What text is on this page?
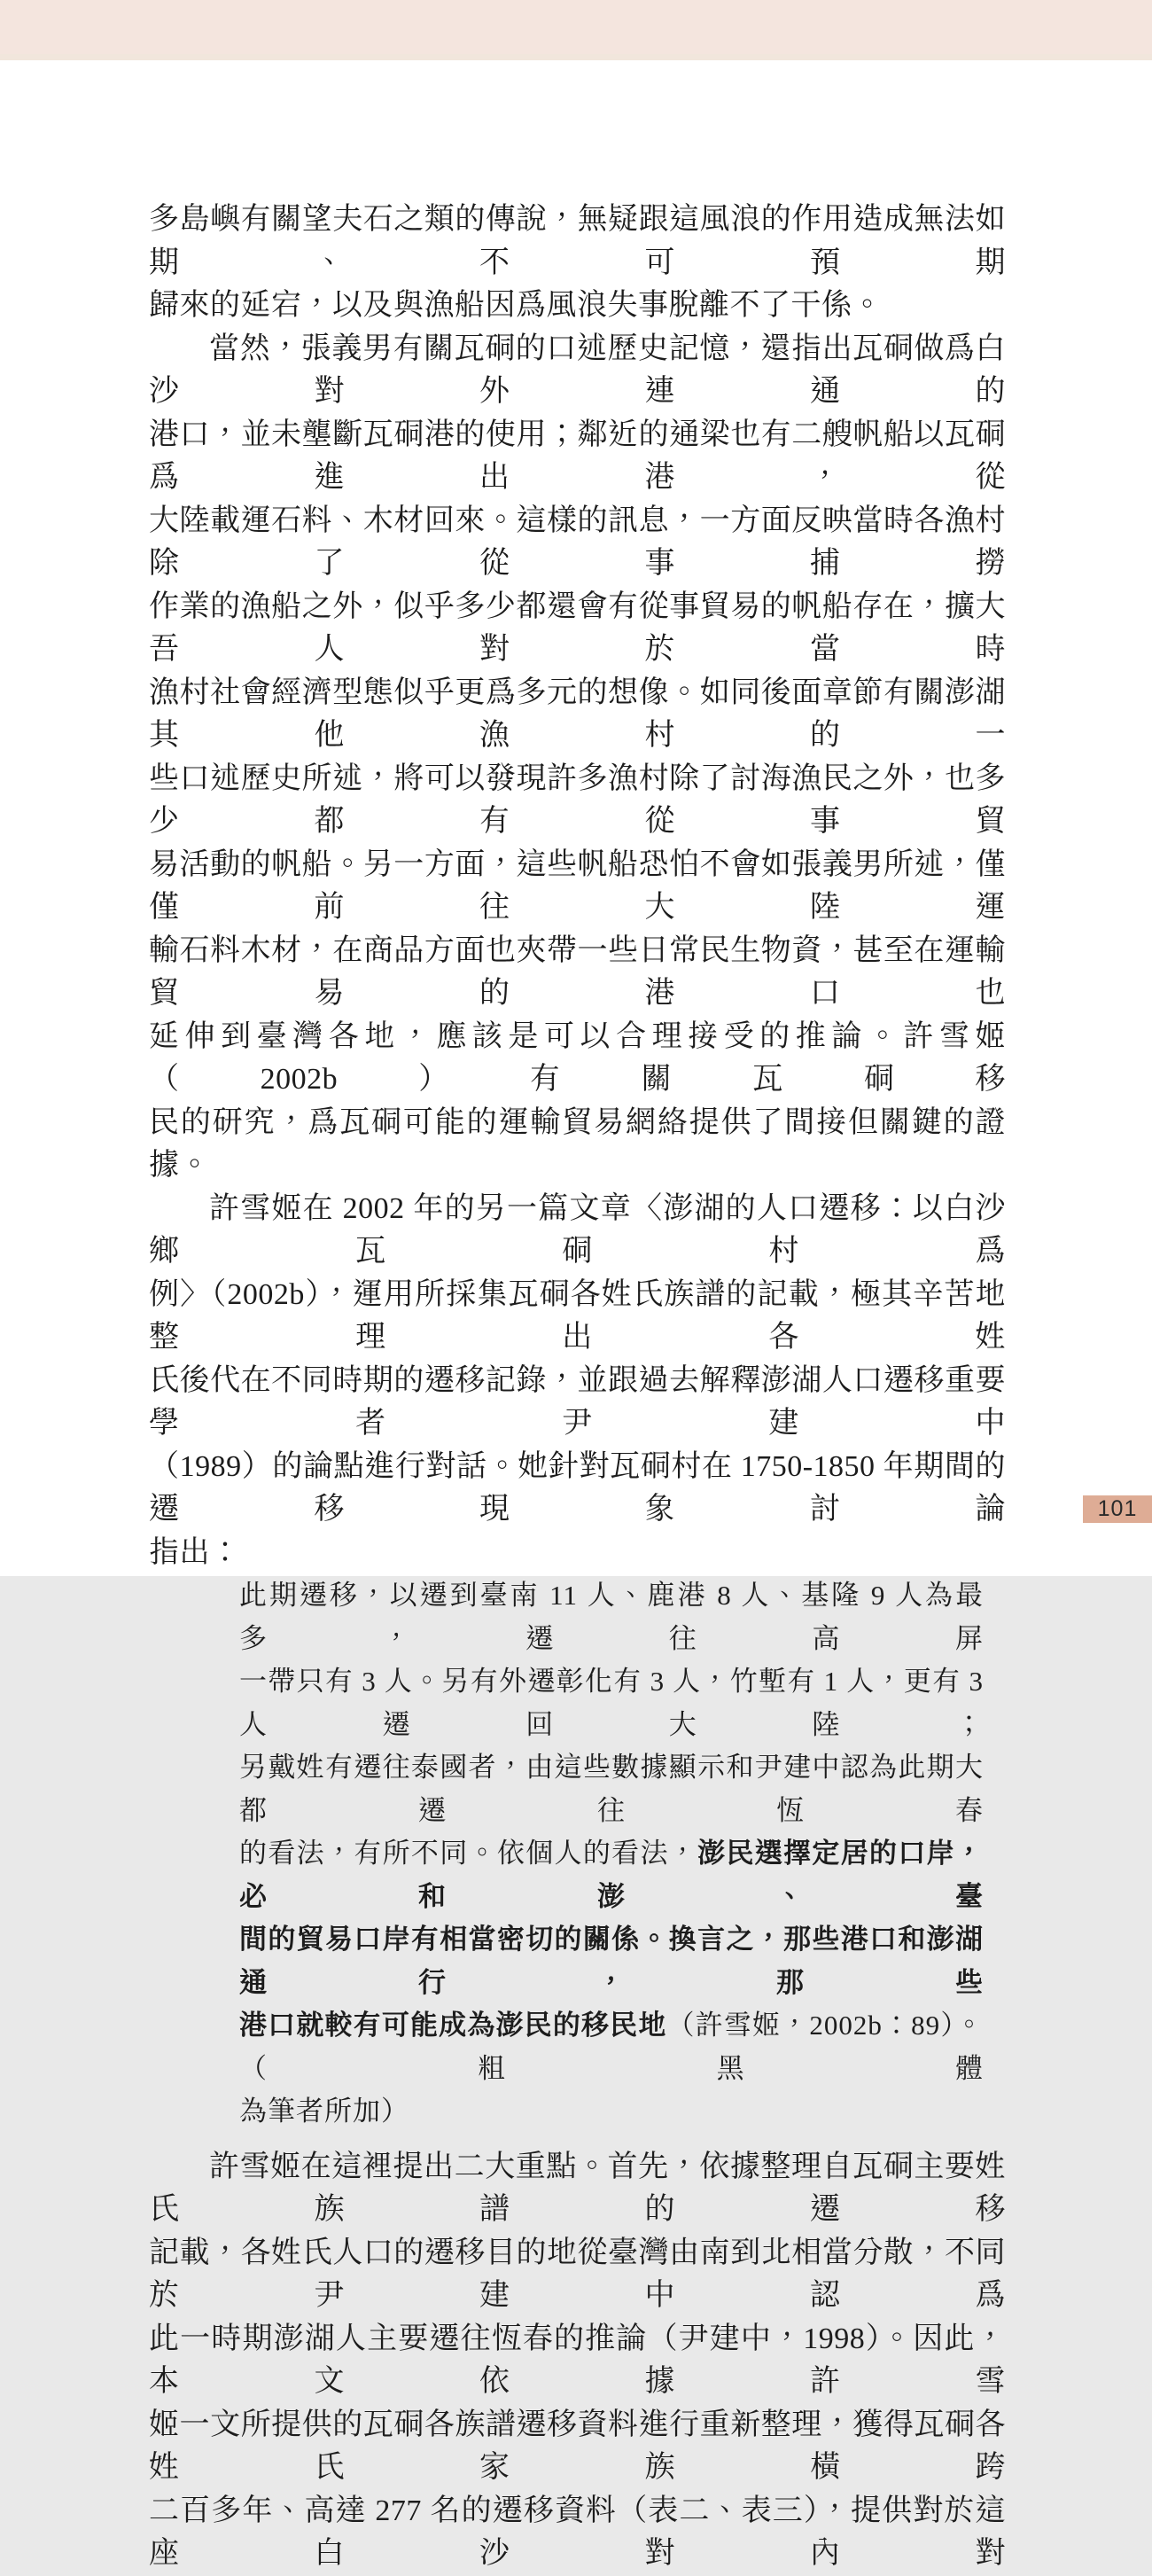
多島嶼有關望夫石之類的傳說，無疑跟這風浪的作用造成無法如期、不可預期
歸來的延宕，以及與漁船因爲風浪失事脫離不了干係。
當然，張義男有關瓦硐的口述歷史記憶，還指出瓦硐做爲白沙對外連通的
港口，並未壟斷瓦硐港的使用；鄰近的通梁也有二艘帆船以瓦硐爲進出港，從
大陸載運石料、木材回來。這樣的訊息，一方面反映當時各漁村除了從事捕撈
作業的漁船之外，似乎多少都還會有從事貿易的帆船存在，擴大吾人對於當時
漁村社會經濟型態似乎更爲多元的想像。如同後面章節有關澎湖其他漁村的一
些口述歷史所述，將可以發現許多漁村除了討海漁民之外，也多少都有從事貿
易活動的帆船。另一方面，這些帆船恐怕不會如張義男所述，僅僅前往大陸運
輸石料木材，在商品方面也夾帶一些日常民生物資，甚至在運輸貿易的港口也
延伸到臺灣各地，應該是可以合理接受的推論。許雪姬（2002b）有關瓦硐移
民的研究，爲瓦硐可能的運輸貿易網絡提供了間接但關鍵的證據。
許雪姬在 2002 年的另一篇文章〈澎湖的人口遷移：以白沙鄉瓦硐村爲
例〉（2002b），運用所採集瓦硐各姓氏族譜的記載，極其辛苦地整理出各姓
氏後代在不同時期的遷移記錄，並跟過去解釋澎湖人口遷移重要學者尹建中
（1989）的論點進行對話。她針對瓦硐村在 1750-1850 年期間的遷移現象討論
指出：
此期遷移，以遷到臺南 11 人、鹿港 8 人、基隆 9 人為最多，遷往高屏
一帶只有 3 人。另有外遷彰化有 3 人，竹塹有 1 人，更有 3 人遷回大陸；
另戴姓有遷往泰國者，由這些數據顯示和尹建中認為此期大都遷往恆春
的看法，有所不同。依個人的看法，澎民選擇定居的口岸，必和澎、臺
間的貿易口岸有相當密切的關係。換言之，那些港口和澎湖通行，那些
港口就較有可能成為澎民的移民地（許雪姬，2002b：89）。（粗黑體
為筆者所加）
許雪姬在這裡提出二大重點。首先，依據整理自瓦硐主要姓氏族譜的遷移
記載，各姓氏人口的遷移目的地從臺灣由南到北相當分散，不同於尹建中認爲
此一時期澎湖人主要遷往恆春的推論（尹建中，1998）。因此，本文依據許雪
姬一文所提供的瓦硐各族譜遷移資料進行重新整理，獲得瓦硐各姓氏家族橫跨
二百多年、高達 277 名的遷移資料（表二、表三），提供對於這座白沙對內對
101
